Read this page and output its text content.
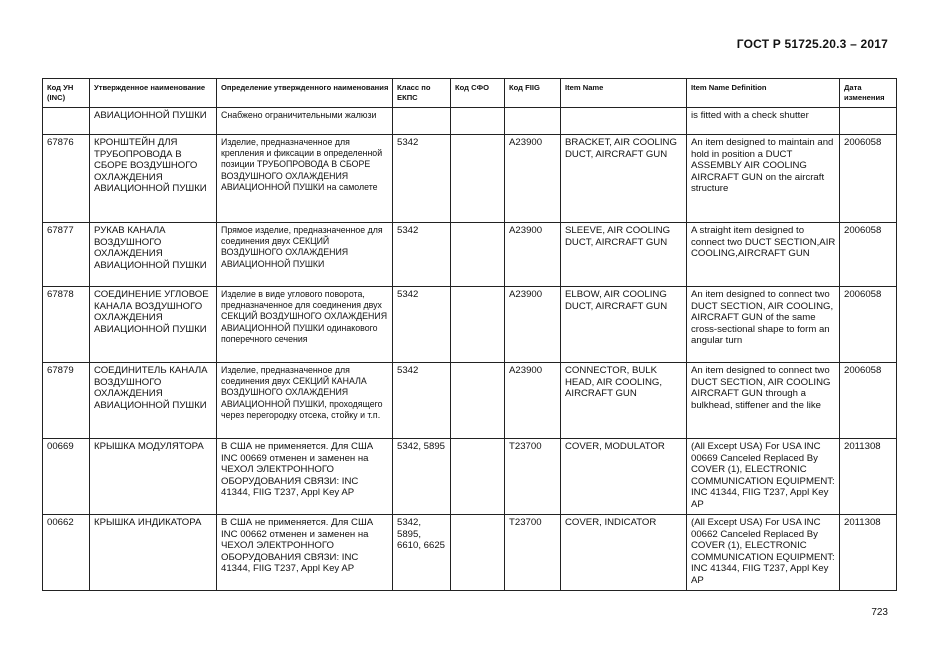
ГОСТ Р 51725.20.3 – 2017
Код УН (INC)	Утвержденное наименование	Определение утвержденного наименования	Класс по ЕКПС	Код СФО	Код FIIG	Item Name	Item Name Definition	Дата изменения
	АВИАЦИОННОЙ ПУШКИ	Снабжено ограничительными жалюзи					is fitted with a check shutter	
67876	КРОНШТЕЙН ДЛЯ ТРУБОПРОВОДА В СБОРЕ ВОЗДУШНОГО ОХЛАЖДЕНИЯ АВИАЦИОННОЙ ПУШКИ	Изделие, предназначенное для крепления и фиксации в определенной позиции ТРУБОПРОВОДА В СБОРЕ ВОЗДУШНОГО ОХЛАЖДЕНИЯ АВИАЦИОННОЙ ПУШКИ на самолете	5342		A23900	BRACKET, AIR COOLING DUCT, AIRCRAFT GUN	An item designed to maintain and hold in position a DUCT ASSEMBLY AIR COOLING AIRCRAFT GUN on the aircraft structure	2006058
67877	РУКАВ КАНАЛА ВОЗДУШНОГО ОХЛАЖДЕНИЯ АВИАЦИОННОЙ ПУШКИ	Прямое изделие, предназначенное для соединения двух СЕКЦИЙ ВОЗДУШНОГО ОХЛАЖДЕНИЯ АВИАЦИОННОЙ ПУШКИ	5342		A23900	SLEEVE, AIR COOLING DUCT, AIRCRAFT GUN	A straight item designed to connect two DUCT SECTION,AIR COOLING,AIRCRAFT GUN	2006058
67878	СОЕДИНЕНИЕ УГЛОВОЕ КАНАЛА ВОЗДУШНОГО ОХЛАЖДЕНИЯ АВИАЦИОННОЙ ПУШКИ	Изделие в виде углового поворота, предназначенное для соединения двух СЕКЦИЙ ВОЗДУШНОГО ОХЛАЖДЕНИЯ АВИАЦИОННОЙ ПУШКИ одинакового поперечного сечения	5342		A23900	ELBOW, AIR COOLING DUCT, AIRCRAFT GUN	An item designed to connect two DUCT SECTION, AIR COOLING, AIRCRAFT GUN of the same cross-sectional shape to form an angular turn	2006058
67879	СОЕДИНИТЕЛЬ КАНАЛА ВОЗДУШНОГО ОХЛАЖДЕНИЯ АВИАЦИОННОЙ ПУШКИ	Изделие, предназначенное для соединения двух СЕКЦИЙ КАНАЛА ВОЗДУШНОГО ОХЛАЖДЕНИЯ АВИАЦИОННОЙ ПУШКИ, проходящего через перегородку отсека, стойку и т.п.	5342		A23900	CONNECTOR, BULK HEAD, AIR COOLING, AIRCRAFT GUN	An item designed to connect two DUCT SECTION, AIR COOLING AIRCRAFT GUN through a bulkhead, stiffener and the like	2006058
00669	КРЫШКА МОДУЛЯТОРА	В США не применяется. Для США INC 00669 отменен и заменен на ЧЕХОЛ ЭЛЕКТРОННОГО ОБОРУДОВАНИЯ СВЯЗИ: INC 41344, FIIG T237, Appl Key AP	5342, 5895		T23700	COVER, MODULATOR	(All Except USA) For USA INC 00669 Canceled Replaced By COVER (1), ELECTRONIC COMMUNICATION EQUIPMENT: INC 41344, FIIG T237, Appl Key AP	2011308
00662	КРЫШКА ИНДИКАТОРА	В США не применяется. Для США INC 00662 отменен и заменен на ЧЕХОЛ ЭЛЕКТРОННОГО ОБОРУДОВАНИЯ СВЯЗИ: INC 41344, FIIG T237, Appl Key AP	5342, 5895, 6610, 6625		T23700	COVER, INDICATOR	(All Except USA) For USA INC 00662 Canceled Replaced By COVER (1), ELECTRONIC COMMUNICATION EQUIPMENT: INC 41344, FIIG T237, Appl Key AP	2011308
723
